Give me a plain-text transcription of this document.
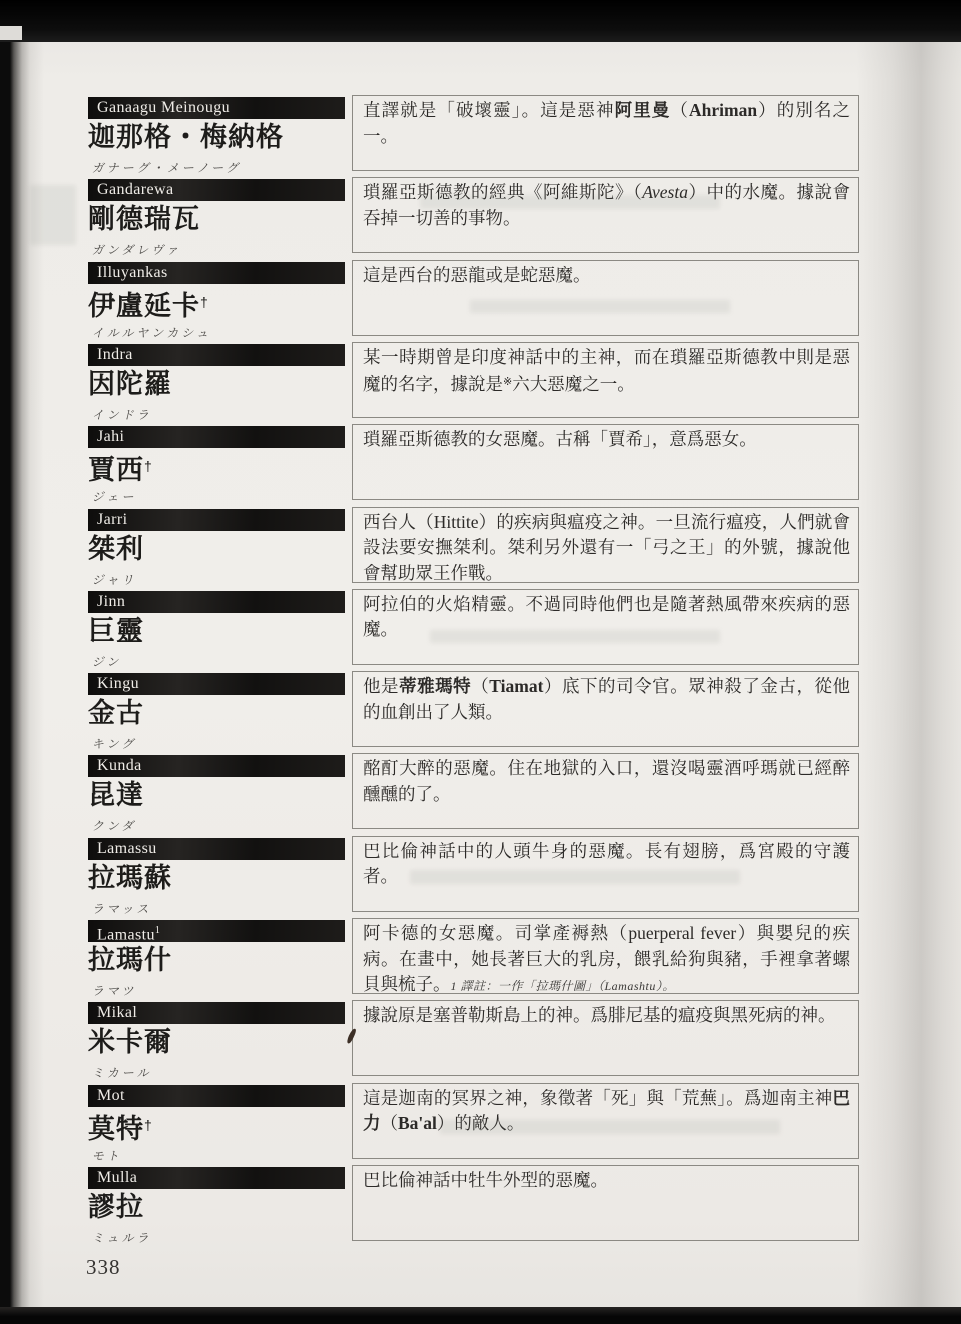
Ganaagu Meinougu
迦那格・梅納格
ガナーグ・メーノーグ
直譯就是「破壞靈」。這是惡神阿里曼（Ahriman）的別名之一。
Gandarewa
剛德瑞瓦
ガンダレヴァ
瑣羅亞斯德教的經典《阿維斯陀》（Avesta）中的水魔。據說會吞掉一切善的事物。
Illuyankas
伊盧延卡†
イルルヤンカシュ
這是西台的惡龍或是蛇惡魔。
Indra
因陀羅
インドラ
某一時期曾是印度神話中的主神，而在瑣羅亞斯德教中則是惡魔的名字，據說是※六大惡魔之一。
Jahi
賈西†
ジェー
瑣羅亞斯德教的女惡魔。古稱「賈希」，意爲惡女。
Jarri
桀利
ジャリ
西台人（Hittite）的疾病與瘟疫之神。一旦流行瘟疫，人們就會設法要安撫桀利。桀利另外還有一「弓之王」的外號，據說他會幫助眾王作戰。
Jinn
巨靈
ジン
阿拉伯的火焰精靈。不過同時他們也是隨著熱風帶來疾病的惡魔。
Kingu
金古
キング
他是蒂雅瑪特（Tiamat）底下的司令官。眾神殺了金古，從他的血創出了人類。
Kunda
昆達
クンダ
酩酊大醉的惡魔。住在地獄的入口，還沒喝靈酒呼瑪就已經醉醺醺的了。
Lamassu
拉瑪蘇
ラマッス
巴比倫神話中的人頭牛身的惡魔。長有翅膀，爲宮殿的守護者。
Lamastu$^1$
拉瑪什
ラマツ
阿卡德的女惡魔。司掌產褥熱（puerperal fever）與嬰兒的疾病。在畫中，她長著巨大的乳房，餵乳給狗與豬，手裡拿著螺貝與梳子。1 譯註：一作「拉瑪什圖」（Lamashtu）。
Mikal
米卡爾
ミカール
據說原是塞普勒斯島上的神。爲腓尼基的瘟疫與黑死病的神。
Mot
莫特†
モト
這是迦南的冥界之神，象徵著「死」與「荒蕪」。爲迦南主神巴力（Ba'al）的敵人。
Mulla
謬拉
ミュルラ
巴比倫神話中牡牛外型的惡魔。
338
